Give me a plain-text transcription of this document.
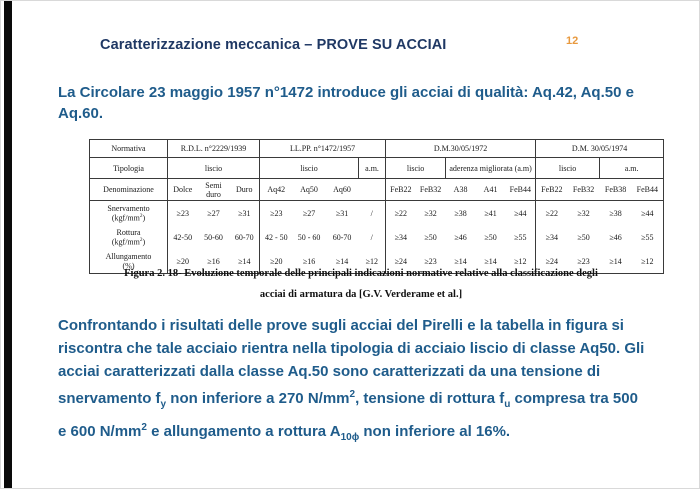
Caratterizzazione meccanica – PROVE SU ACCIAI	12
La Circolare 23 maggio 1957 n°1472 introduce gli acciai di qualità: Aq.42, Aq.50 e Aq.60.
Normativa	R.D.L. n°2229/1939			LL.PP. n°1472/1957				D.M.30/05/1972					D.M. 30/05/1974			
Tipologia	liscio			liscio			a.m.	liscio		aderenza migliorata (a.m)			liscio		a.m.	
Denominazione	Dolce	Semi duro	Duro	Aq42	Aq50	Aq60		FeB22	FeB32	A38	A41	FeB44	FeB22	FeB32	FeB38	FeB44
Snervamento
$(kgf/mm^2)$	≥23	≥27	≥31	≥23	≥27	≥31	/	≥22	≥32	≥38	≥41	≥44	≥22	≥32	≥38	≥44
Rottura
$(kgf/mm^2)$	42-50	50-60	60-70	42 - 50	50 - 60	60-70	/	≥34	≥50	≥46	≥50	≥55	≥34	≥50	≥46	≥55
Allungamento
(%)	≥20	≥16	≥14	≥20	≥16	≥14	≥12	≥24	≥23	≥14	≥14	≥12	≥24	≥23	≥14	≥12
Figura 2. 18- Evoluzione temporale delle principali indicazioni normative relative alla classificazione degli
acciai di armatura da [G.V. Verderame et al.]
Confrontando i risultati delle prove sugli acciai del Pirelli e la tabella in figura si riscontra che tale acciaio rientra nella tipologia di acciaio liscio di classe Aq50. Gli acciai caratterizzati dalla classe Aq.50 sono caratterizzati da una tensione di snervamento $f_y$ non inferiore a 270 $N/mm^2$, tensione di rottura $f_u$ compresa tra 500 e 600 $N/mm^2$ e allungamento a rottura $A_{10\phi}$ non inferiore al 16%.
